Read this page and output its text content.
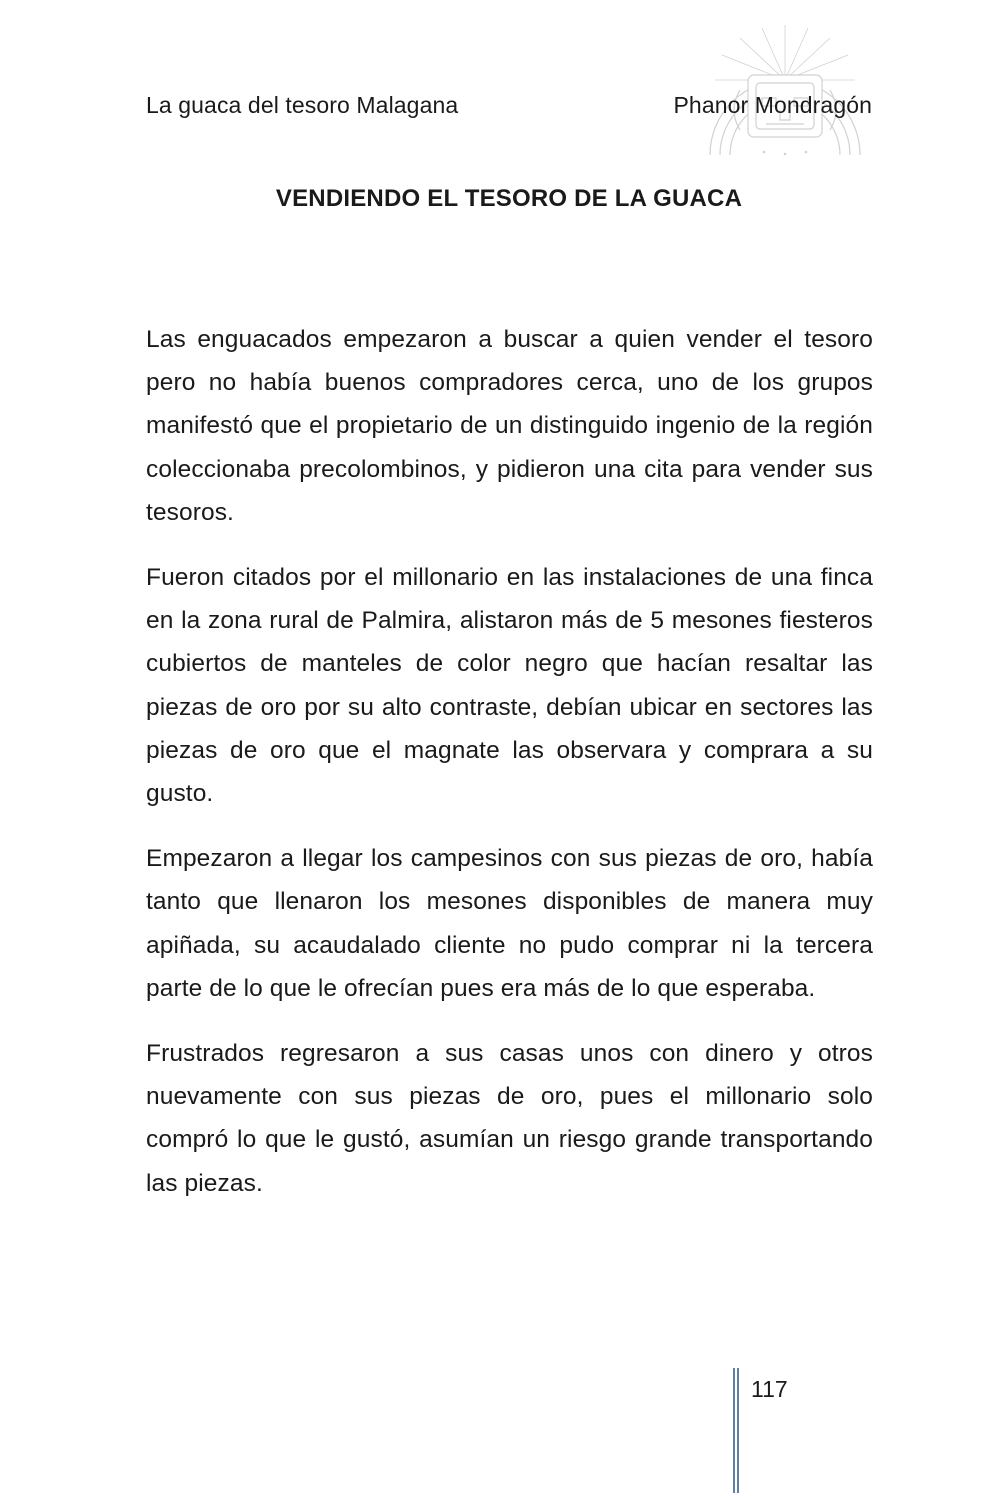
La guaca del tesoro Malagana	Phanor Mondragón
VENDIENDO EL TESORO DE LA GUACA

Las enguacados empezaron a buscar a quien vender el tesoro pero no había buenos compradores cerca, uno de los grupos manifestó que el propietario de un distinguido ingenio de la región coleccionaba precolombinos, y pidieron una cita para vender sus tesoros.

Fueron citados por el millonario en las instalaciones de una finca en la zona rural de Palmira, alistaron más de 5 mesones fiesteros cubiertos de manteles de color negro que hacían resaltar las piezas de oro por su alto contraste, debían ubicar en sectores las piezas de oro que el magnate las observara y comprara a su gusto.

Empezaron a llegar los campesinos con sus piezas de oro, había tanto que llenaron los mesones disponibles de manera muy apiñada, su acaudalado cliente no pudo comprar ni la tercera parte de lo que le ofrecían pues era más de lo que esperaba.

Frustrados regresaron a sus casas unos con dinero y otros nuevamente con sus piezas de oro, pues el millonario solo compró lo que le gustó, asumían un riesgo grande transportando las piezas.

117
